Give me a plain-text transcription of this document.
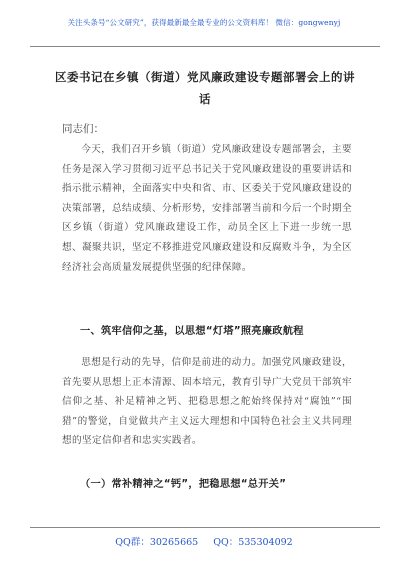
关注头条号“公文研究”，获得最新最全最专业的公文资料库！ 微信：gongwenyj
区委书记在乡镇（街道）党风廉政建设专题部署会上的讲话
同志们：
今天，我们召开乡镇（街道）党风廉政建设专题部署会，主要任务是深入学习贯彻习近平总书记关于党风廉政建设的重要讲话和指示批示精神，全面落实中央和省、市、区委关于党风廉政建设的决策部署，总结成绩、分析形势，安排部署当前和今后一个时期全区乡镇（街道）党风廉政建设工作，动员全区上下进一步统一思想、凝聚共识，坚定不移推进党风廉政建设和反腐败斗争，为全区经济社会高质量发展提供坚强的纪律保障。
一、筑牢信仰之基，以思想“灯塔”照亮廉政航程
思想是行动的先导，信仰是前进的动力。加强党风廉政建设，首先要从思想上正本清源、固本培元，教育引导广大党员干部筑牢信仰之基、补足精神之钙、把稳思想之舵始终保持对“腐蚀”“围猎”的警觉，自觉做共产主义远大理想和中国特色社会主义共同理想的坚定信仰者和忠实实践者。
（一）常补精神之“钙”，把稳思想“总开关”
QQ群：30265665 QQ：535304092
